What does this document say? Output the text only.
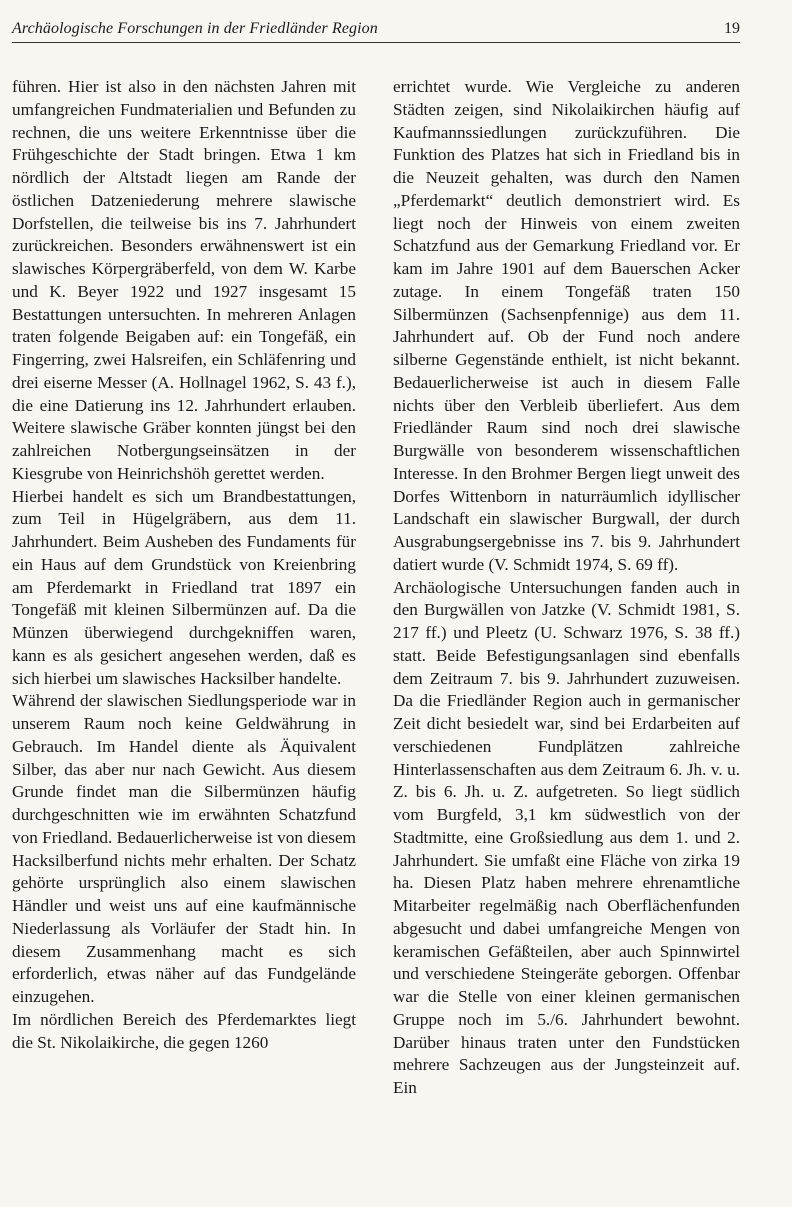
Archäologische Forschungen in der Friedländer Region	19

führen. Hier ist also in den nächsten Jahren mit umfangreichen Fundmaterialien und Befunden zu rechnen, die uns weitere Erkenntnisse über die Frühgeschichte der Stadt bringen. Etwa 1 km nördlich der Altstadt liegen am Rande der östlichen Datzeniederung mehrere slawische Dorfstellen, die teilweise bis ins 7. Jahrhundert zurückreichen. Besonders erwähnenswert ist ein slawisches Körpergräberfeld, von dem W. Karbe und K. Beyer 1922 und 1927 insgesamt 15 Bestattungen untersuchten. In mehreren Anlagen traten folgende Beigaben auf: ein Tongefäß, ein Fingerring, zwei Halsreifen, ein Schläfenring und drei eiserne Messer (A. Hollnagel 1962, S. 43 f.), die eine Datierung ins 12. Jahrhundert erlauben. Weitere slawische Gräber konnten jüngst bei den zahlreichen Notbergungseinsätzen in der Kiesgrube von Heinrichshöh gerettet werden.

Hierbei handelt es sich um Brandbestattungen, zum Teil in Hügelgräbern, aus dem 11. Jahrhundert. Beim Ausheben des Fundaments für ein Haus auf dem Grundstück von Kreienbring am Pferdemarkt in Friedland trat 1897 ein Tongefäß mit kleinen Silbermünzen auf. Da die Münzen überwiegend durchgekniffen waren, kann es als gesichert angesehen werden, daß es sich hierbei um slawisches Hacksilber handelte.

Während der slawischen Siedlungsperiode war in unserem Raum noch keine Geldwährung in Gebrauch. Im Handel diente als Äquivalent Silber, das aber nur nach Gewicht. Aus diesem Grunde findet man die Silbermünzen häufig durchgeschnitten wie im erwähnten Schatzfund von Friedland. Bedauerlicherweise ist von diesem Hacksilberfund nichts mehr erhalten. Der Schatz gehörte ursprünglich also einem slawischen Händler und weist uns auf eine kaufmännische Niederlassung als Vorläufer der Stadt hin. In diesem Zusammenhang macht es sich erforderlich, etwas näher auf das Fundgelände einzugehen.

Im nördlichen Bereich des Pferdemarktes liegt die St. Nikolaikirche, die gegen 1260

errichtet wurde. Wie Vergleiche zu anderen Städten zeigen, sind Nikolaikirchen häufig auf Kaufmannssiedlungen zurückzuführen. Die Funktion des Platzes hat sich in Friedland bis in die Neuzeit gehalten, was durch den Namen „Pferdemarkt“ deutlich demonstriert wird. Es liegt noch der Hinweis von einem zweiten Schatzfund aus der Gemarkung Friedland vor. Er kam im Jahre 1901 auf dem Bauerschen Acker zutage. In einem Tongefäß traten 150 Silbermünzen (Sachsenpfennige) aus dem 11. Jahrhundert auf. Ob der Fund noch andere silberne Gegenstände enthielt, ist nicht bekannt. Bedauerlicherweise ist auch in diesem Falle nichts über den Verbleib überliefert. Aus dem Friedländer Raum sind noch drei slawische Burgwälle von besonderem wissenschaftlichen Interesse. In den Brohmer Bergen liegt unweit des Dorfes Wittenborn in naturräumlich idyllischer Landschaft ein slawischer Burgwall, der durch Ausgrabungsergebnisse ins 7. bis 9. Jahrhundert datiert wurde (V. Schmidt 1974, S. 69 ff).

Archäologische Untersuchungen fanden auch in den Burgwällen von Jatzke (V. Schmidt 1981, S. 217 ff.) und Pleetz (U. Schwarz 1976, S. 38 ff.) statt. Beide Befestigungsanlagen sind ebenfalls dem Zeitraum 7. bis 9. Jahrhundert zuzuweisen. Da die Friedländer Region auch in germanischer Zeit dicht besiedelt war, sind bei Erdarbeiten auf verschiedenen Fundplätzen zahlreiche Hinterlassenschaften aus dem Zeitraum 6. Jh. v. u. Z. bis 6. Jh. u. Z. aufgetreten. So liegt südlich vom Burgfeld, 3,1 km südwestlich von der Stadtmitte, eine Großsiedlung aus dem 1. und 2. Jahrhundert. Sie umfaßt eine Fläche von zirka 19 ha. Diesen Platz haben mehrere ehrenamtliche Mitarbeiter regelmäßig nach Oberflächenfunden abgesucht und dabei umfangreiche Mengen von keramischen Gefäßteilen, aber auch Spinnwirtel und verschiedene Steingeräte geborgen. Offenbar war die Stelle von einer kleinen germanischen Gruppe noch im 5./6. Jahrhundert bewohnt. Darüber hinaus traten unter den Fundstücken mehrere Sachzeugen aus der Jungsteinzeit auf. Ein
